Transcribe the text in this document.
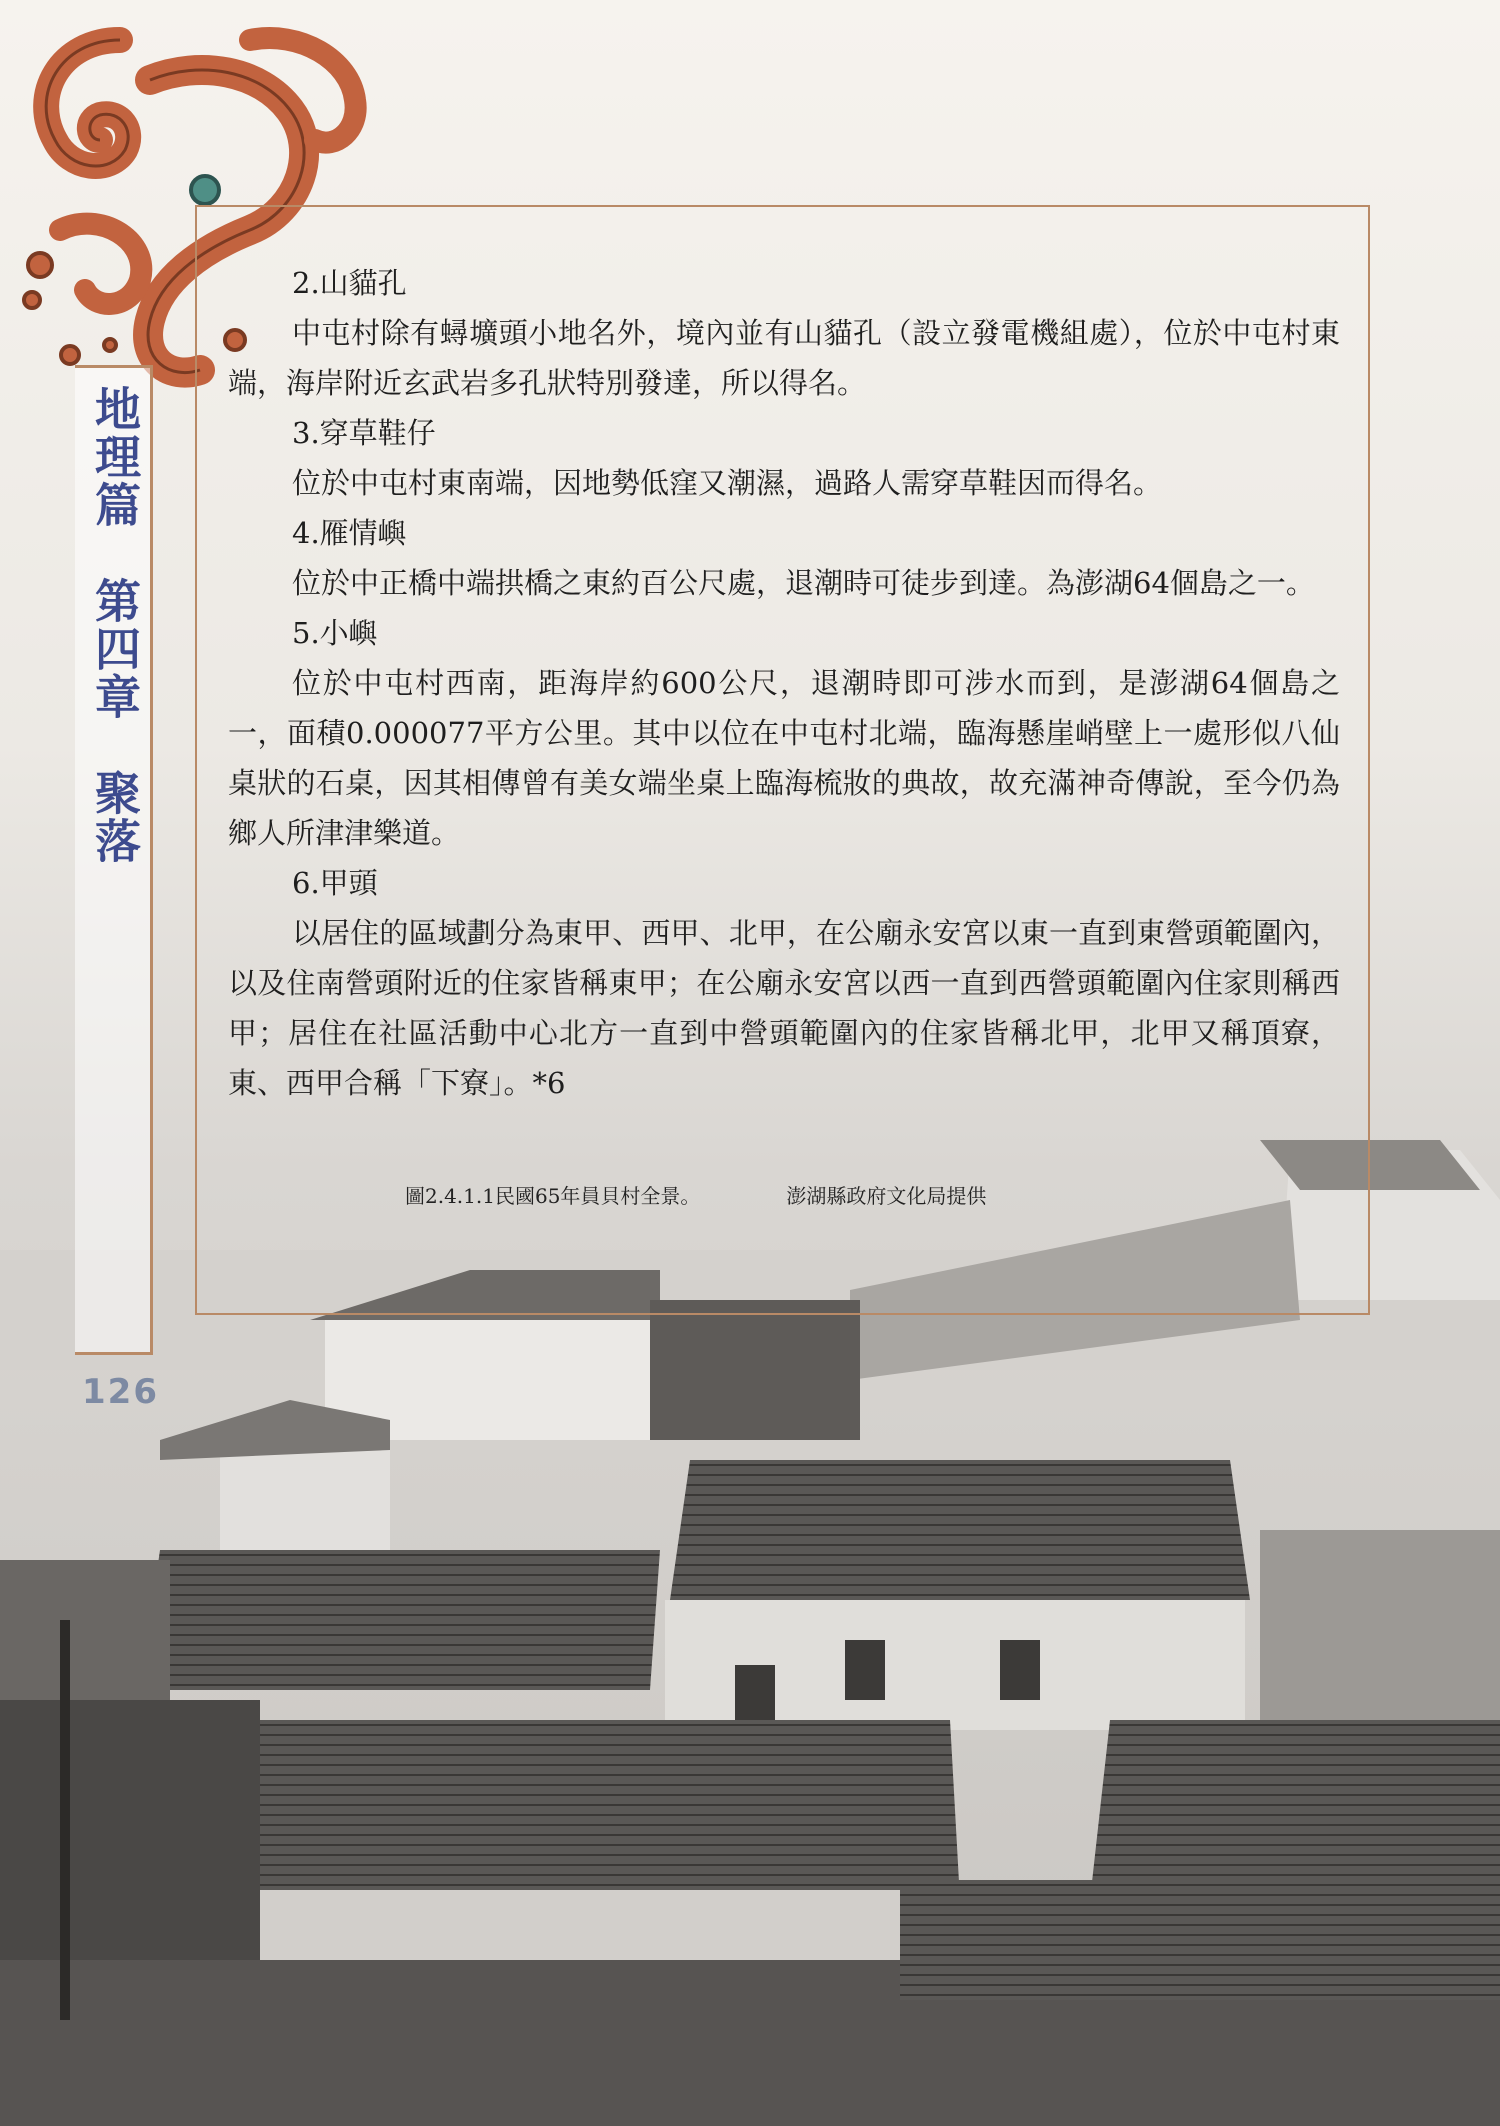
地理篇　第四章　聚落
126

2.山貓孔

中屯村除有蟳壙頭小地名外，境內並有山貓孔（設立發電機組處），位於中屯村東端，海岸附近玄武岩多孔狀特別發達，所以得名。

3.穿草鞋仔

位於中屯村東南端，因地勢低窪又潮濕，過路人需穿草鞋因而得名。

4.雁情嶼

位於中正橋中端拱橋之東約百公尺處，退潮時可徒步到達。為澎湖64個島之一。

5.小嶼

位於中屯村西南，距海岸約600公尺，退潮時即可涉水而到，是澎湖64個島之一，面積0.000077平方公里。其中以位在中屯村北端，臨海懸崖峭壁上一處形似八仙桌狀的石桌，因其相傳曾有美女端坐桌上臨海梳妝的典故，故充滿神奇傳說，至今仍為鄉人所津津樂道。

6.甲頭

以居住的區域劃分為東甲、西甲、北甲，在公廟永安宮以東一直到東營頭範圍內，以及住南營頭附近的住家皆稱東甲；在公廟永安宮以西一直到西營頭範圍內住家則稱西甲；居住在社區活動中心北方一直到中營頭範圍內的住家皆稱北甲，北甲又稱頂寮，東、西甲合稱「下寮」。*6

圖2.4.1.1民國65年員貝村全景。	澎湖縣政府文化局提供
